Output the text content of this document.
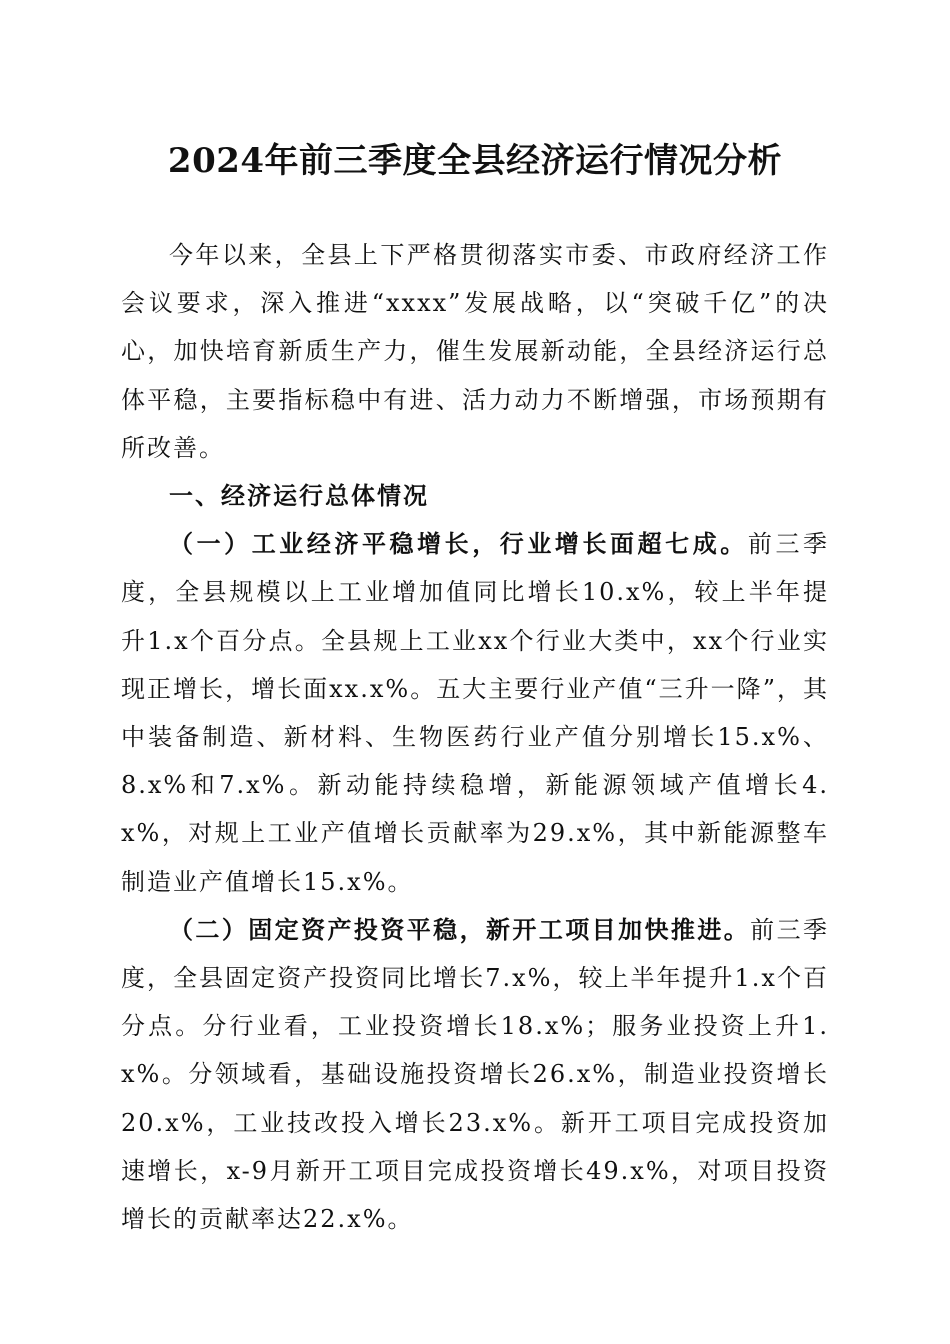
2024年前三季度全县经济运行情况分析

今年以来，全县上下严格贯彻落实市委、市政府经济工作会议要求，深入推进“xxxx”发展战略，以“突破千亿”的决心，加快培育新质生产力，催生发展新动能，全县经济运行总体平稳，主要指标稳中有进、活力动力不断增强，市场预期有所改善。

一、经济运行总体情况

（一）工业经济平稳增长，行业增长面超七成。前三季度，全县规模以上工业增加值同比增长10.x%，较上半年提升1.x个百分点。全县规上工业xx个行业大类中，xx个行业实现正增长，增长面xx.x%。五大主要行业产值“三升一降”，其中装备制造、新材料、生物医药行业产值分别增长15.x%、8.x%和7.x%。新动能持续稳增，新能源领域产值增长4.x%，对规上工业产值增长贡献率为29.x%，其中新能源整车制造业产值增长15.x%。

（二）固定资产投资平稳，新开工项目加快推进。前三季度，全县固定资产投资同比增长7.x%，较上半年提升1.x个百分点。分行业看，工业投资增长18.x%；服务业投资上升1.x%。分领域看，基础设施投资增长26.x%，制造业投资增长20.x%，工业技改投入增长23.x%。新开工项目完成投资加速增长，x-9月新开工项目完成投资增长49.x%，对项目投资增长的贡献率达22.x%。
